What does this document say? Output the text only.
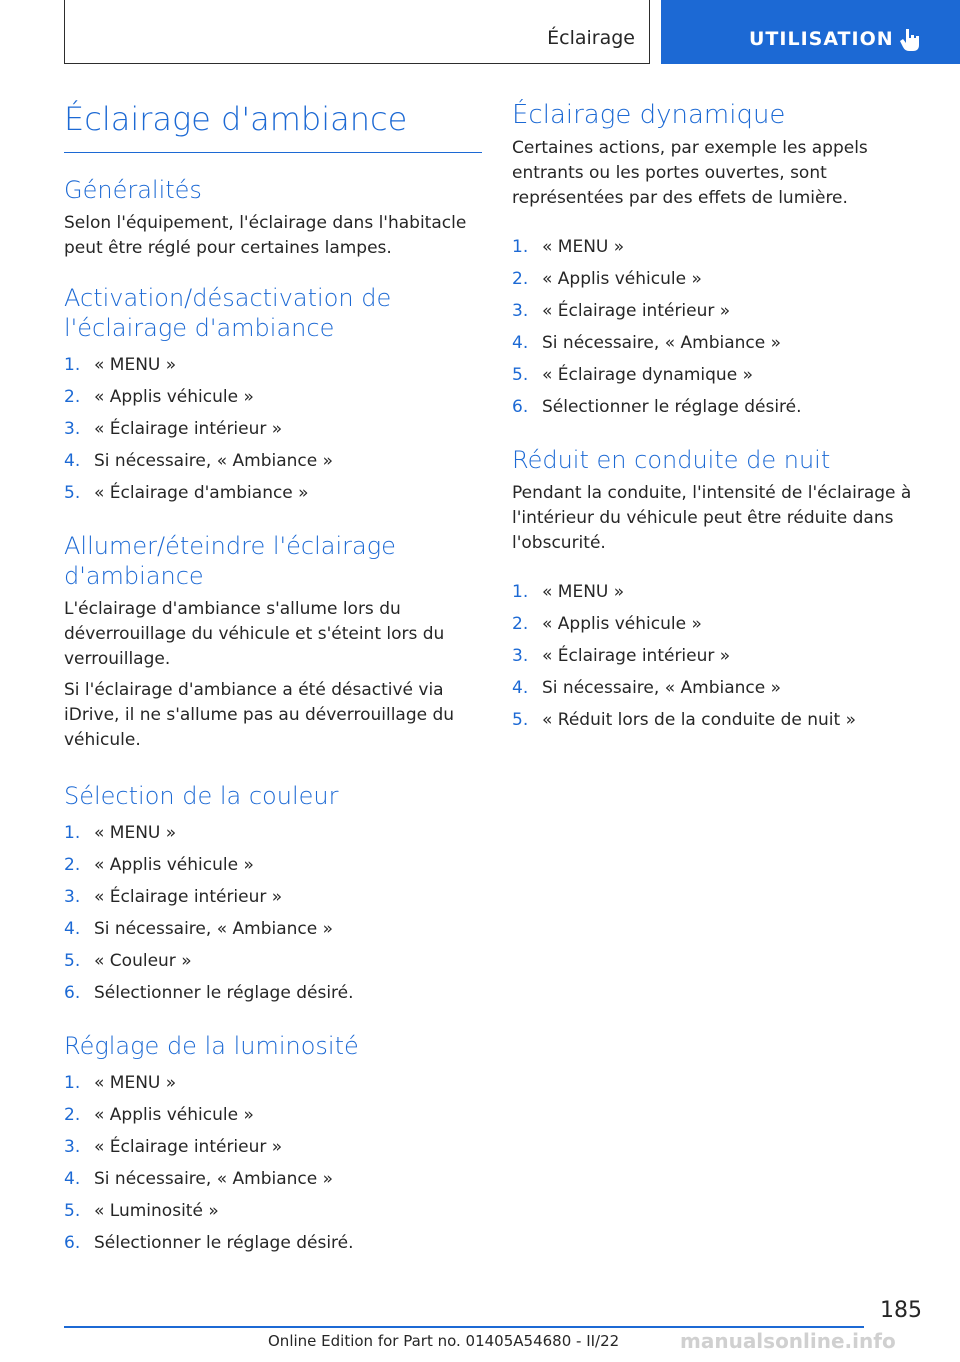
Éclairage	UTILISATION
Éclairage d'ambiance
Généralités

Selon l'équipement, l'éclairage dans l'habitacle peut être réglé pour certaines lampes.

Activation/désactivation de
l'éclairage d'ambiance
1. « MENU »
2. « Applis véhicule »
3. « Éclairage intérieur »
4. Si nécessaire, « Ambiance »
5. « Éclairage d'ambiance »
Allumer/éteindre l'éclairage
d'ambiance

L'éclairage d'ambiance s'allume lors du déverrouillage du véhicule et s'éteint lors du verrouillage.

Si l'éclairage d'ambiance a été désactivé via iDrive, il ne s'allume pas au déverrouillage du véhicule.

Sélection de la couleur
1. « MENU »
2. « Applis véhicule »
3. « Éclairage intérieur »
4. Si nécessaire, « Ambiance »
5. « Couleur »
6. Sélectionner le réglage désiré.
Réglage de la luminosité
1. « MENU »
2. « Applis véhicule »
3. « Éclairage intérieur »
4. Si nécessaire, « Ambiance »
5. « Luminosité »
6. Sélectionner le réglage désiré.
Éclairage dynamique

Certaines actions, par exemple les appels entrants ou les portes ouvertes, sont représentées par des effets de lumière.

1. « MENU »
2. « Applis véhicule »
3. « Éclairage intérieur »
4. Si nécessaire, « Ambiance »
5. « Éclairage dynamique »
6. Sélectionner le réglage désiré.
Réduit en conduite de nuit

Pendant la conduite, l'intensité de l'éclairage à l'intérieur du véhicule peut être réduite dans l'obscurité.

1. « MENU »
2. « Applis véhicule »
3. « Éclairage intérieur »
4. Si nécessaire, « Ambiance »
5. « Réduit lors de la conduite de nuit »
185
Online Edition for Part no. 01405A54680 - II/22	manualsonline.info
